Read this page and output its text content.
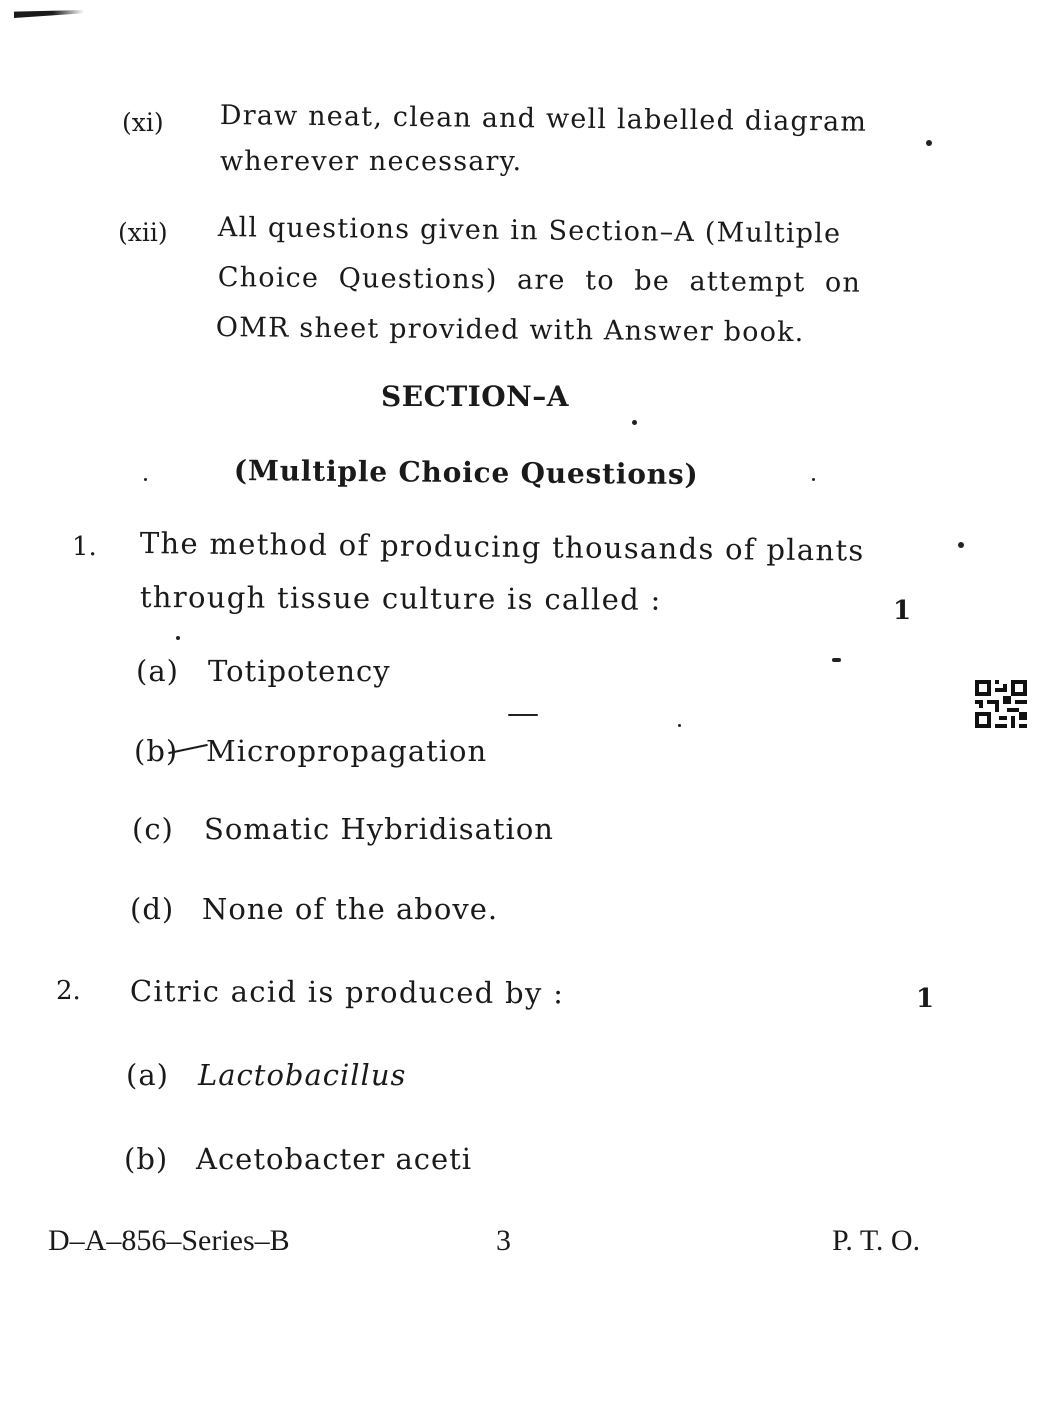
(xi) Draw neat, clean and well labelled diagram
wherever necessary.
(xii) All questions given in Section–A (Multiple
Choice  Questions)  are  to  be  attempt  on
OMR sheet provided with Answer book.
SECTION–A
(Multiple Choice Questions)
1. The method of producing thousands of plants
through tissue culture is called :	1
(a) Totipotency
(b) Micropropagation
(c) Somatic Hybridisation
(d) None of the above.
2. Citric acid is produced by :	1
(a) Lactobacillus
(b) Acetobacter aceti
D–A–856–Series–B	3	P. T. O.
